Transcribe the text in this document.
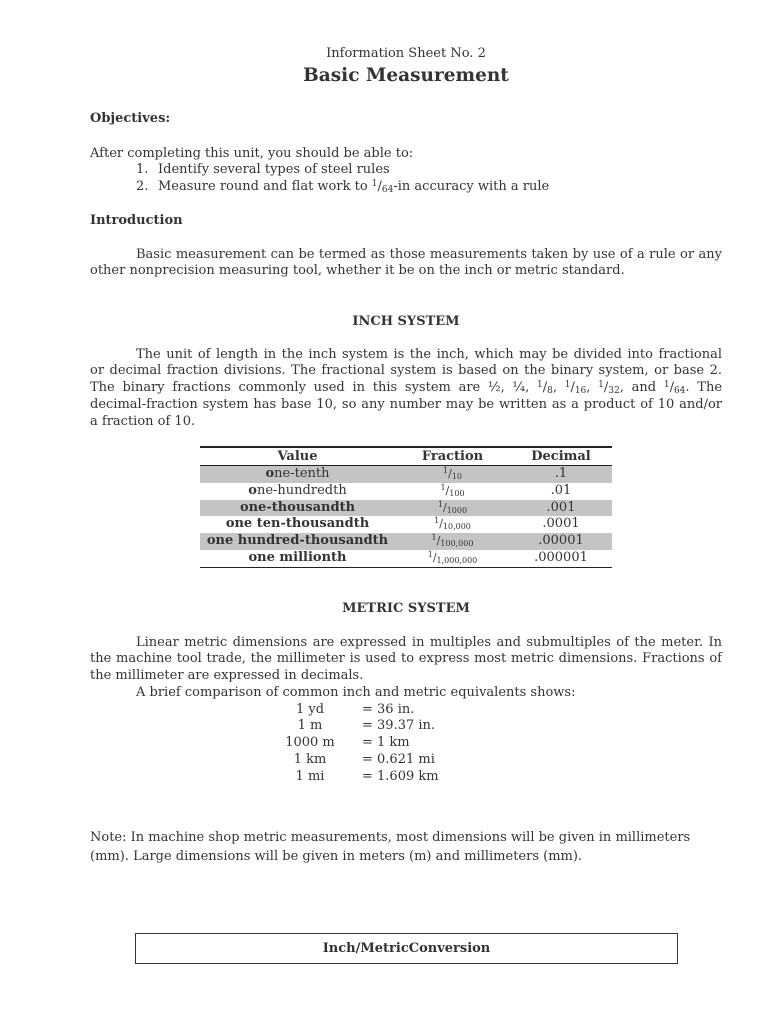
Information Sheet No. 2
Basic Measurement
Objectives:
After completing this unit, you should be able to:
1. Identify several types of steel rules
2. Measure round and flat work to $^1/_{64}-in$ accuracy with a rule
Introduction
Basic measurement can be termed as those measurements taken by use of a rule or any
other nonprecision measuring tool, whether it be on the inch or metric standard.
INCH SYSTEM
The unit of length in the inch system is the inch, which may be divided into fractional
or decimal fraction divisions. The fractional system is based on the binary system, or base 2.
The binary fractions commonly used in this system are ½, ¼, $^1/_8$, $^1/_{16}$, $^1/_{32}$, and $^1/_{64}$. The
decimal-fraction system has base 10, so any number may be written as a product of 10 and/or
a fraction of 10.
Value	Fraction	Decimal
one-tenth	$^1/_{10}$	.1
one-hundredth	$^1/_{100}$	.01
one-thousandth	$^1/_{1000}$	.001
one ten-thousandth	$^1/_{10,000}$	.0001
one hundred-thousandth	$^1/_{100,000}$	.00001
one millionth	$^1/_{1,000,000}$	.000001
METRIC SYSTEM
Linear metric dimensions are expressed in multiples and submultiples of the meter. In
the machine tool trade, the millimeter is used to express most metric dimensions. Fractions of
the millimeter are expressed in decimals.
A brief comparison of common inch and metric equivalents shows:
1 yd	= 36 in.
1 m	= 39.37 in.
1000 m	= 1 km
1 km	= 0.621 mi
1 mi	= 1.609 km
Note: In machine shop metric measurements, most dimensions will be given in millimeters
(mm). Large dimensions will be given in meters (m) and millimeters (mm).
Inch/MetricConversion
